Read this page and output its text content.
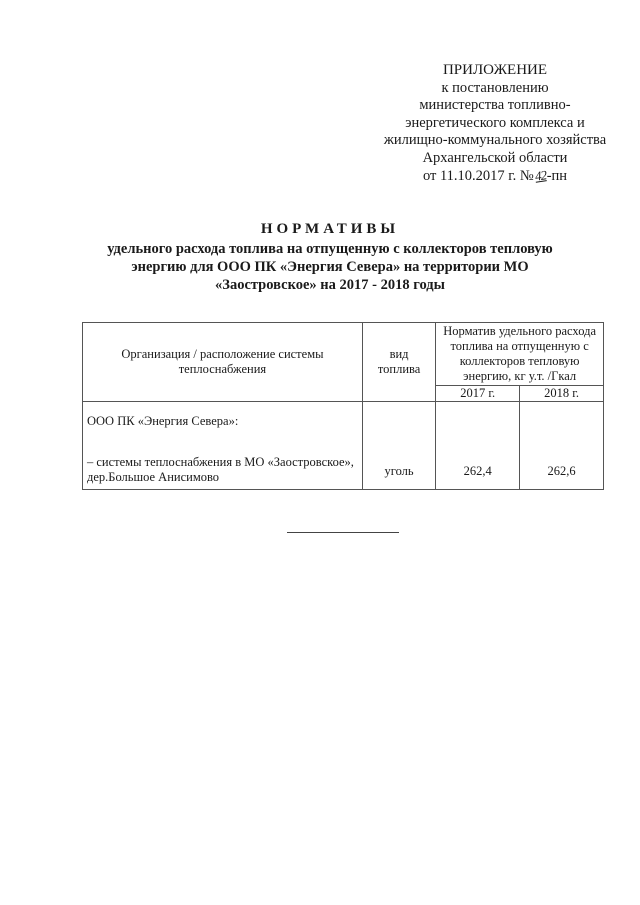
ПРИЛОЖЕНИЕ
к постановлению
министерства топливно-
энергетического комплекса и
жилищно-коммунального хозяйства
Архангельской области
от 11.10.2017 г. №42-пн
НОРМАТИВЫ
удельного расхода топлива на отпущенную с коллекторов тепловую
энергию для ООО ПК «Энергия Севера» на территории МО
«Заостровское» на 2017 - 2018 годы
Организация / расположение системы теплоснабжения	вид топлива	Норматив удельного расхода топлива на отпущенную с коллекторов тепловую энергию, кг у.т. /Гкал	
		2017 г.	2018 г.

ООО ПК «Энергия Севера»:
– системы теплоснабжения в МО «Заостровское», дер.Большое Анисимово	уголь	262,4	262,6
